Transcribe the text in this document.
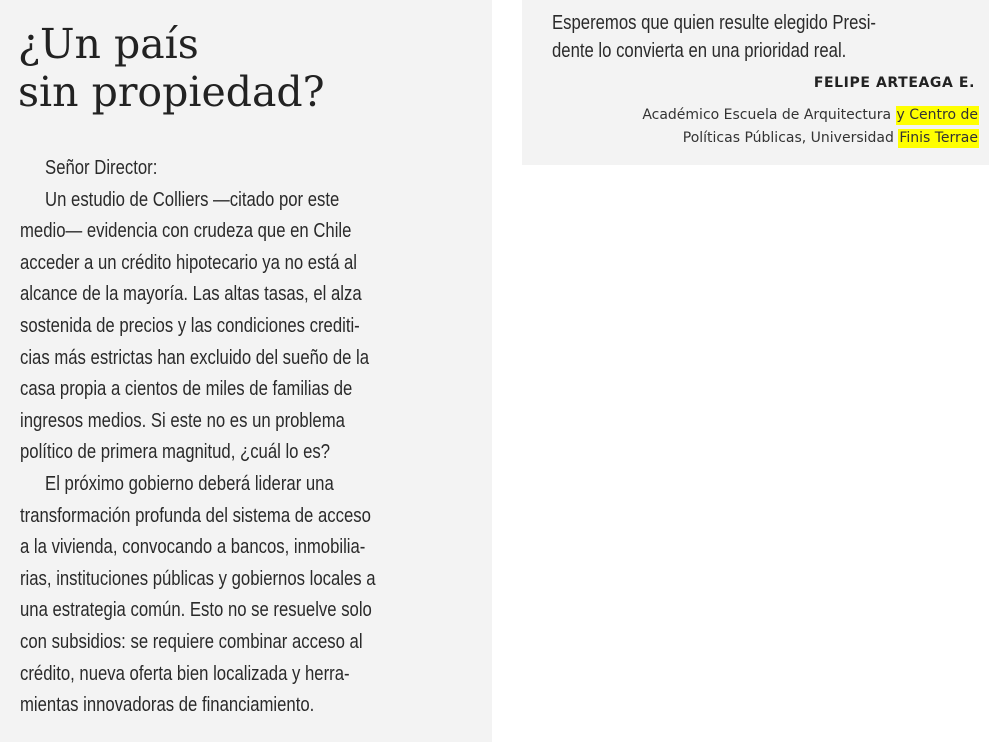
¿Un país
sin propiedad?
Señor Director:
Un estudio de Colliers —citado por este
medio— evidencia con crudeza que en Chile
acceder a un crédito hipotecario ya no está al
alcance de la mayoría. Las altas tasas, el alza
sostenida de precios y las condiciones crediti-
cias más estrictas han excluido del sueño de la
casa propia a cientos de miles de familias de
ingresos medios. Si este no es un problema
político de primera magnitud, ¿cuál lo es?
El próximo gobierno deberá liderar una
transformación profunda del sistema de acceso
a la vivienda, convocando a bancos, inmobilia-
rias, instituciones públicas y gobiernos locales a
una estrategia común. Esto no se resuelve solo
con subsidios: se requiere combinar acceso al
crédito, nueva oferta bien localizada y herra-
mientas innovadoras de financiamiento.
Esperemos que quien resulte elegido Presi-
dente lo convierta en una prioridad real.
FELIPE ARTEAGA E.
Académico Escuela de Arquitectura y Centro de
Políticas Públicas, Universidad Finis Terrae
